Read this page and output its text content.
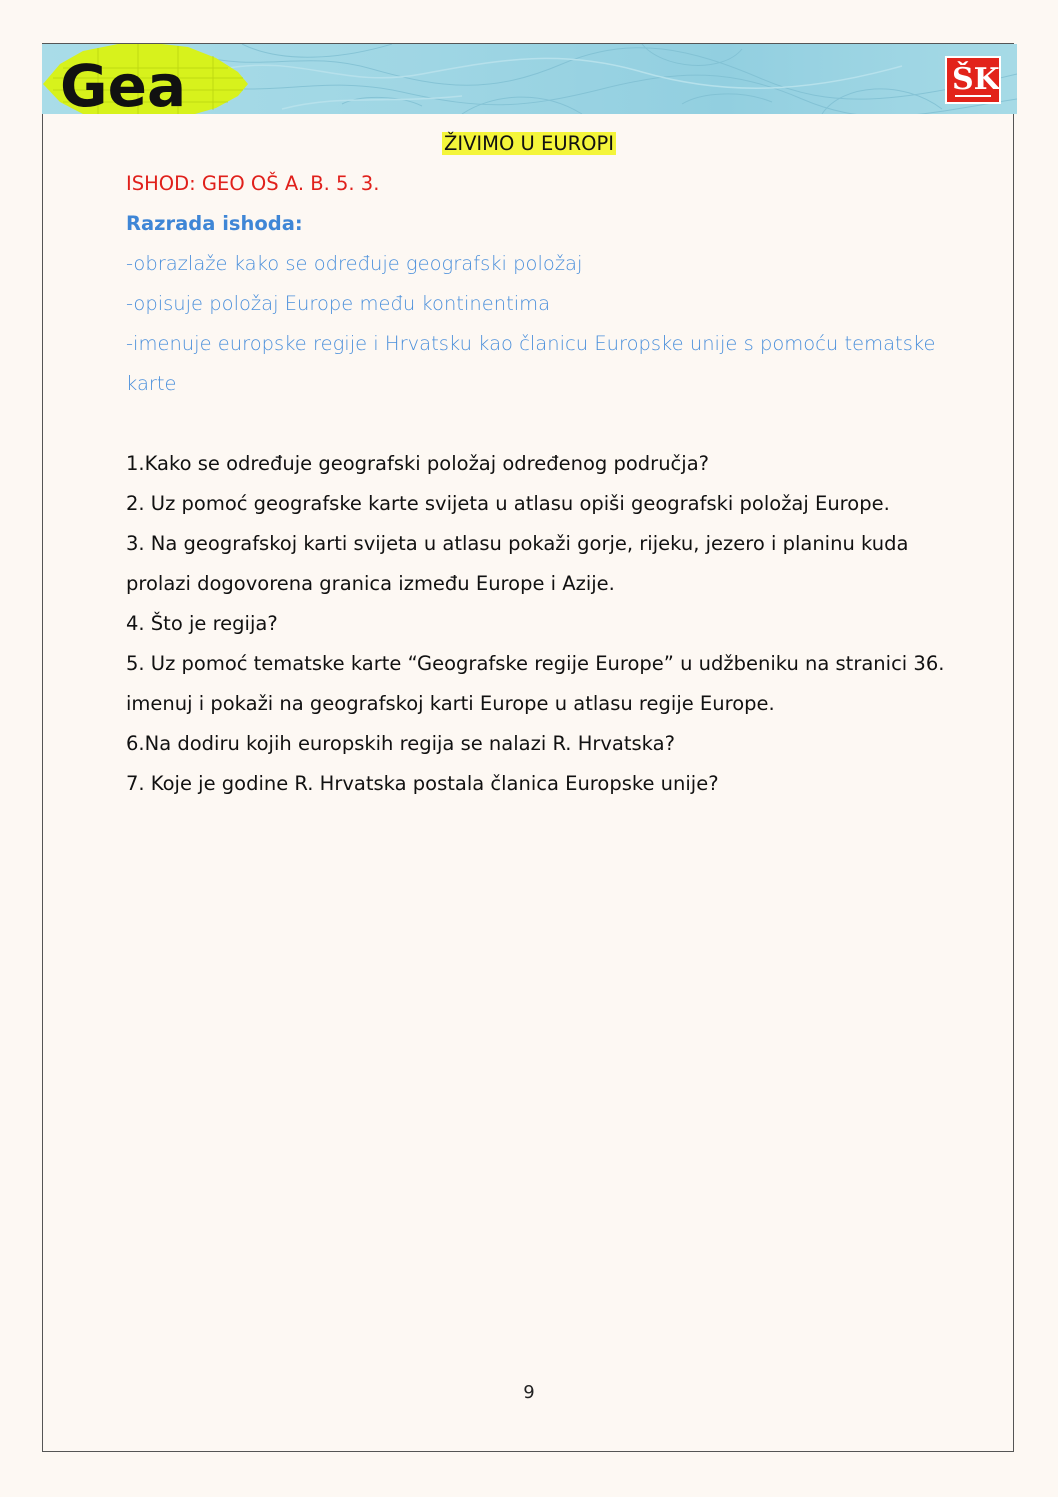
Gea	ŠK
ŽIVIMO U EUROPI
ISHOD: GEO OŠ A. B. 5. 3.
Razrada ishoda:
-obrazlaže kako se određuje geografski položaj
-opisuje položaj Europe među kontinentima
-imenuje europske regije i Hrvatsku kao članicu Europske unije s pomoću tematske
karte
1.Kako se određuje geografski položaj određenog područja?
2. Uz pomoć geografske karte svijeta u atlasu opiši geografski položaj Europe.
3. Na geografskoj karti svijeta u atlasu pokaži gorje, rijeku, jezero i planinu kuda
prolazi dogovorena granica između Europe i Azije.
4. Što je regija?
5. Uz pomoć tematske karte “Geografske regije Europe” u udžbeniku na stranici 36.
imenuj i pokaži na geografskoj karti Europe u atlasu regije Europe.
6.Na dodiru kojih europskih regija se nalazi R. Hrvatska?
7. Koje je godine R. Hrvatska postala članica Europske unije?
9
